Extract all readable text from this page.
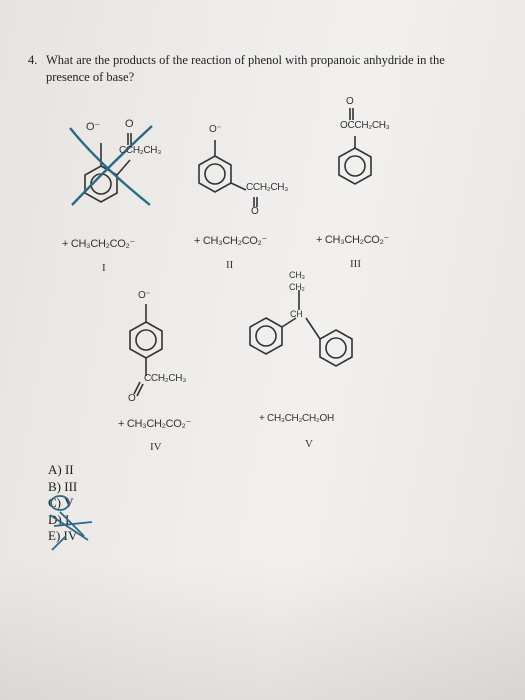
4. What are the products of the reaction of phenol with propanoic anhydride in the
presence of base?
O⁻ O
CCH₂CH₃
O⁻
CCH₂CH₃
O
O
OCCH₂CH₃
O⁻
CCH₂CH₃
O
CH₃
CH₂
CH
+ CH₃CH₂CO₂⁻
I
+ CH₃CH₂CO₂⁻
II
+ CH₃CH₂CO₂⁻
III
+ CH₃CH₂CO₂⁻
IV
+ CH₃CH₂CH₂OH
V
A) II
B) III
C) V
D) I
E) IV
